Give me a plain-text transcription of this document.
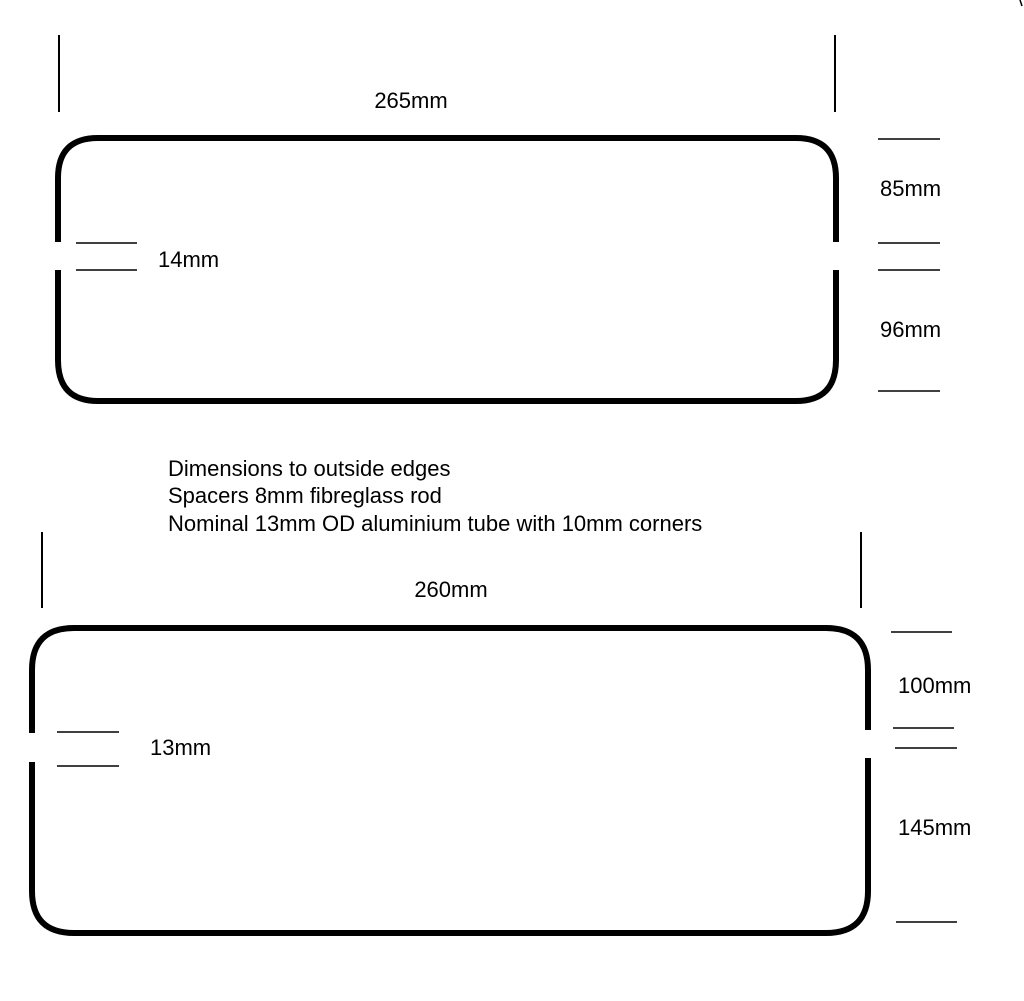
265mm
14mm
85mm
96mm
Dimensions to outside edges
Spacers 8mm fibreglass rod
Nominal 13mm OD aluminium tube with 10mm corners
260mm
13mm
100mm
145mm
